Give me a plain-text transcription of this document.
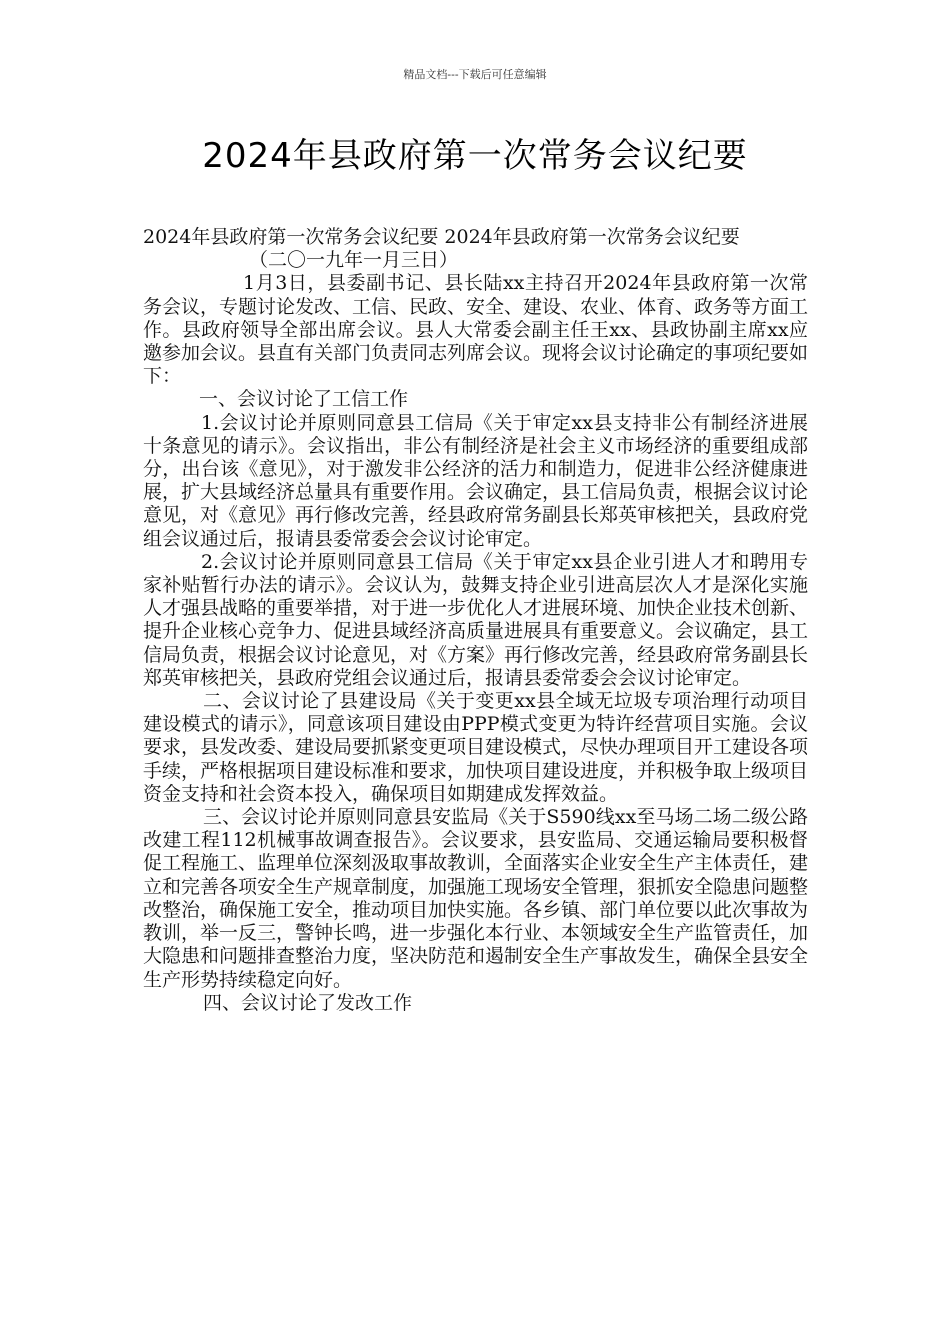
精品文档---下载后可任意编辑

2024年县政府第一次常务会议纪要

2024年县政府第一次常务会议纪要 2024年县政府第一次常务会议纪要

（二〇一九年一月三日）

1月3日，县委副书记、县长陆xx主持召开2024年县政府第一次常务会议，专题讨论发改、工信、民政、安全、建设、农业、体育、政务等方面工作。县政府领导全部出席会议。县人大常委会副主任王xx、县政协副主席xx应邀参加会议。县直有关部门负责同志列席会议。现将会议讨论确定的事项纪要如下：

一、会议讨论了工信工作

1.会议讨论并原则同意县工信局《关于审定xx县支持非公有制经济进展十条意见的请示》。会议指出，非公有制经济是社会主义市场经济的重要组成部分，出台该《意见》，对于激发非公经济的活力和制造力，促进非公经济健康进展，扩大县域经济总量具有重要作用。会议确定，县工信局负责，根据会议讨论意见，对《意见》再行修改完善，经县政府常务副县长郑英审核把关，县政府党组会议通过后，报请县委常委会会议讨论审定。

2.会议讨论并原则同意县工信局《关于审定xx县企业引进人才和聘用专家补贴暂行办法的请示》。会议认为，鼓舞支持企业引进高层次人才是深化实施人才强县战略的重要举措，对于进一步优化人才进展环境、加快企业技术创新、提升企业核心竞争力、促进县域经济高质量进展具有重要意义。会议确定，县工信局负责，根据会议讨论意见，对《方案》再行修改完善，经县政府常务副县长郑英审核把关，县政府党组会议通过后，报请县委常委会会议讨论审定。

二、会议讨论了县建设局《关于变更xx县全域无垃圾专项治理行动项目建设模式的请示》，同意该项目建设由PPP模式变更为特许经营项目实施。会议要求，县发改委、建设局要抓紧变更项目建设模式，尽快办理项目开工建设各项手续，严格根据项目建设标准和要求，加快项目建设进度，并积极争取上级项目资金支持和社会资本投入，确保项目如期建成发挥效益。

三、会议讨论并原则同意县安监局《关于S590线xx至马场二场二级公路改建工程112机械事故调查报告》。会议要求，县安监局、交通运输局要积极督促工程施工、监理单位深刻汲取事故教训，全面落实企业安全生产主体责任，建立和完善各项安全生产规章制度，加强施工现场安全管理，狠抓安全隐患问题整改整治，确保施工安全，推动项目加快实施。各乡镇、部门单位要以此次事故为教训，举一反三，警钟长鸣，进一步强化本行业、本领域安全生产监管责任，加大隐患和问题排查整治力度，坚决防范和遏制安全生产事故发生，确保全县安全生产形势持续稳定向好。

四、会议讨论了发改工作
